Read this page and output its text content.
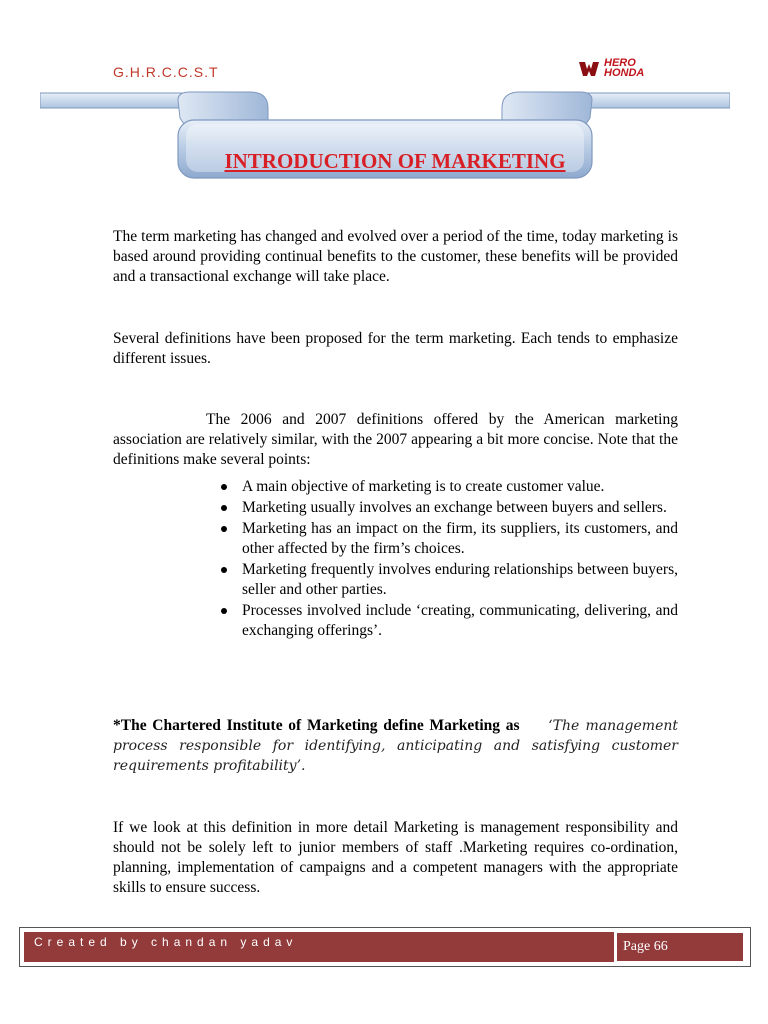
G.H.R.C.C.S.T
HERO
HONDA
INTRODUCTION OF MARKETING

The term marketing has changed and evolved over a period of the time, today marketing is based around providing continual benefits to the customer, these benefits will be provided and a transactional exchange will take place.

Several definitions have been proposed for the term marketing. Each tends to emphasize different issues.

The 2006 and 2007 definitions offered by the American marketing association are relatively similar, with the 2007 appearing a bit more concise. Note that the definitions make several points:

A main objective of marketing is to create customer value.
Marketing usually involves an exchange between buyers and sellers.
Marketing has an impact on the firm, its suppliers, its customers, and other affected by the firm’s choices.
Marketing frequently involves enduring relationships between buyers, seller and other parties.
Processes involved include ‘creating, communicating, delivering, and exchanging offerings’.

*The Chartered Institute of Marketing define Marketing as ‘The management process responsible for identifying, anticipating and satisfying customer requirements profitability’.

If we look at this definition in more detail Marketing is management responsibility and should not be solely left to junior members of staff .Marketing requires co-ordination, planning, implementation of campaigns and a competent managers with the appropriate skills to ensure success.

Created by chandan yadav	Page 66
